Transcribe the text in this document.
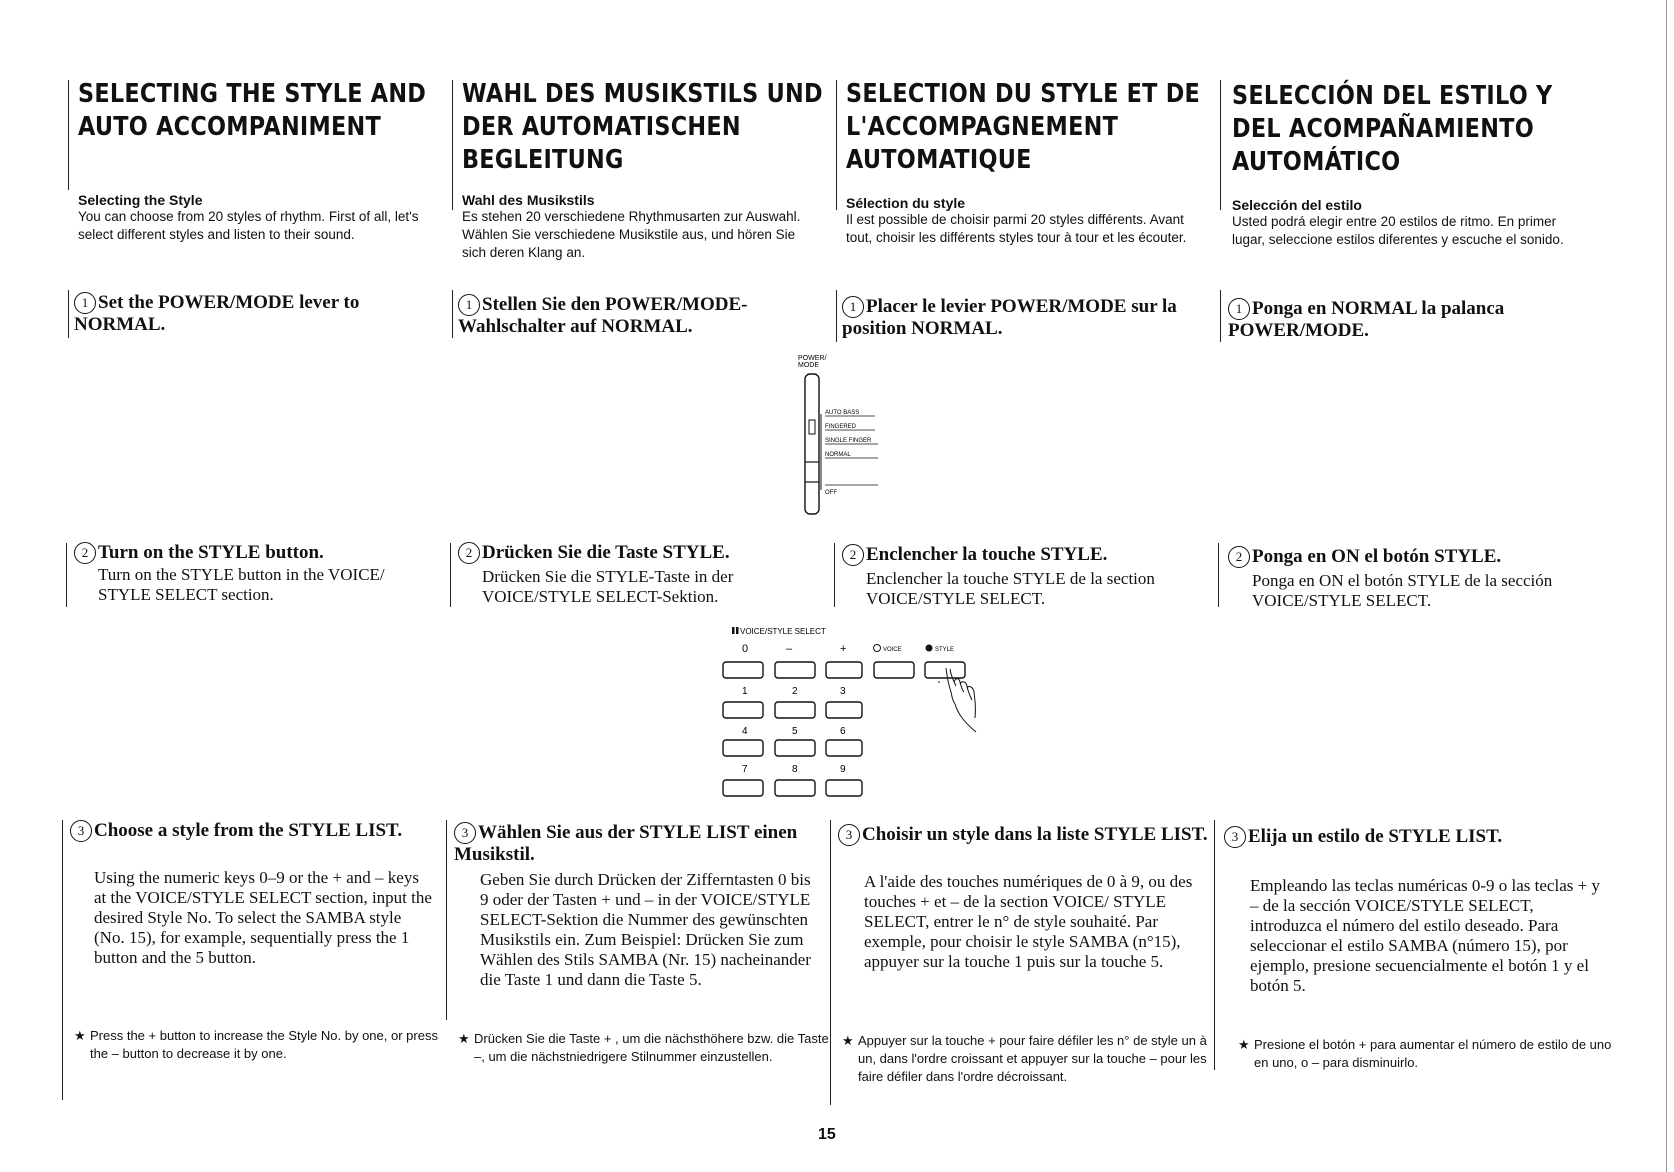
SELECTING THE STYLE AND AUTO ACCOMPANIMENT

Selecting the Style

You can choose from 20 styles of rhythm. First of all, let's select different styles and listen to their sound.

1 Set the POWER/MODE lever to NORMAL.
2 Turn on the STYLE button.
Turn on the STYLE button in the VOICE/ STYLE SELECT section.
3 Choose a style from the STYLE LIST.
Using the numeric keys 0–9 or the + and – keys at the VOICE/STYLE SELECT section, input the desired Style No. To select the SAMBA style (No. 15), for example, sequentially press the 1 button and the 5 button.
★ Press the + button to increase the Style No. by one, or press the – button to decrease it by one.
WAHL DES MUSIKSTILS UND DER AUTOMATISCHEN BEGLEITUNG

Wahl des Musikstils

Es stehen 20 verschiedene Rhythmusarten zur Auswahl. Wählen Sie verschiedene Musikstile aus, und hören Sie sich deren Klang an.

1 Stellen Sie den POWER/MODE-Wahlschalter auf NORMAL.
2 Drücken Sie die Taste STYLE.
Drücken Sie die STYLE-Taste in der VOICE/STYLE SELECT-Sektion.
3 Wählen Sie aus der STYLE LIST einen Musikstil.
Geben Sie durch Drücken der Zifferntasten 0 bis 9 oder der Tasten + und – in der VOICE/STYLE SELECT-Sektion die Nummer des gewünschten Musikstils ein. Zum Beispiel: Drücken Sie zum Wählen des Stils SAMBA (Nr. 15) nacheinander die Taste 1 und dann die Taste 5.
★ Drücken Sie die Taste + , um die nächsthöhere bzw. die Taste –, um die nächstniedrigere Stilnummer einzustellen.
SELECTION DU STYLE ET DE L'ACCOMPAGNEMENT AUTOMATIQUE

Sélection du style

Il est possible de choisir parmi 20 styles différents. Avant tout, choisir les différents styles tour à tour et les écouter.

1 Placer le levier POWER/MODE sur la position NORMAL.
2 Enclencher la touche STYLE.
Enclencher la touche STYLE de la section VOICE/STYLE SELECT.
3 Choisir un style dans la liste STYLE LIST.
A l'aide des touches numériques de 0 à 9, ou des touches + et – de la section VOICE/ STYLE SELECT, entrer le n° de style souhaité. Par exemple, pour choisir le style SAMBA (n°15), appuyer sur la touche 1 puis sur la touche 5.
★ Appuyer sur la touche + pour faire défiler les n° de style un à un, dans l'ordre croissant et appuyer sur la touche – pour les faire défiler dans l'ordre décroissant.
SELECCIÓN DEL ESTILO Y DEL ACOMPAÑAMIENTO AUTOMÁTICO

Selección del estilo

Usted podrá elegir entre 20 estilos de ritmo. En primer lugar, seleccione estilos diferentes y escuche el sonido.

1 Ponga en NORMAL la palanca POWER/MODE.
2 Ponga en ON el botón STYLE.
Ponga en ON el botón STYLE de la sección VOICE/STYLE SELECT.
3 Elija un estilo de STYLE LIST.
Empleando las teclas numéricas 0-9 o las teclas + y – de la sección VOICE/STYLE SELECT, introduzca el número del estilo deseado. Para seleccionar el estilo SAMBA (número 15), por ejemplo, presione secuencialmente el botón 1 y el botón 5.
★ Presione el botón + para aumentar el número de estilo de uno en uno, o – para disminuirlo.
POWER/
MODE
AUTO BASS
FINGERED
SINGLE FINGER
NORMAL
OFF
VOICE/STYLE SELECT
0	–	+	VOICE	STYLE
1	2	3
4	5	6
7	8	9
15
